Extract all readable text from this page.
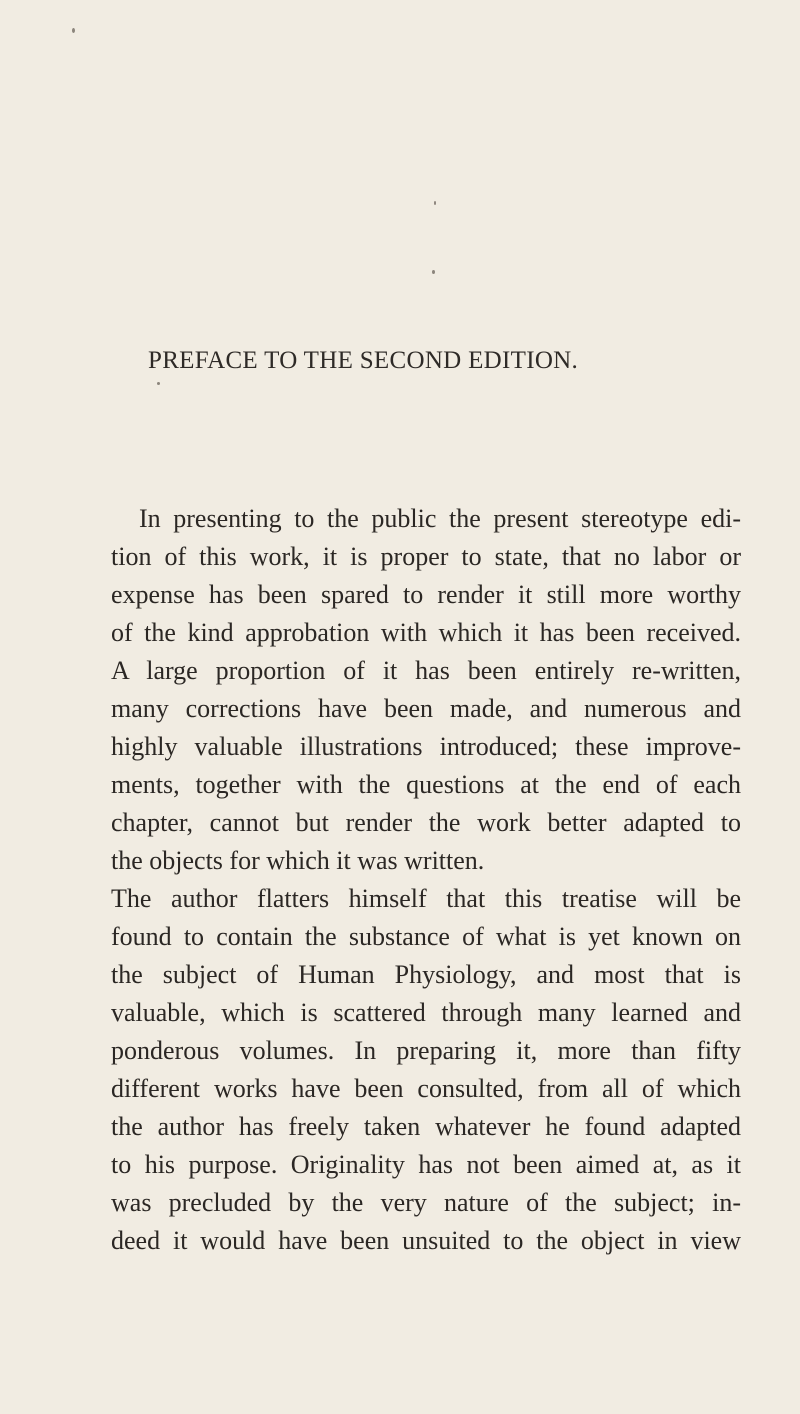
PREFACE TO THE SECOND EDITION.
In presenting to the public the present stereotype edi-
tion of this work, it is proper to state, that no labor or
expense has been spared to render it still more worthy
of the kind approbation with which it has been received.
A large proportion of it has been entirely re-written,
many corrections have been made, and numerous and
highly valuable illustrations introduced; these improve-
ments, together with the questions at the end of each
chapter, cannot but render the work better adapted to
the objects for which it was written.
The author flatters himself that this treatise will be
found to contain the substance of what is yet known on
the subject of Human Physiology, and most that is
valuable, which is scattered through many learned and
ponderous volumes. In preparing it, more than fifty
different works have been consulted, from all of which
the author has freely taken whatever he found adapted
to his purpose. Originality has not been aimed at, as it
was precluded by the very nature of the subject; in-
deed it would have been unsuited to the object in view
